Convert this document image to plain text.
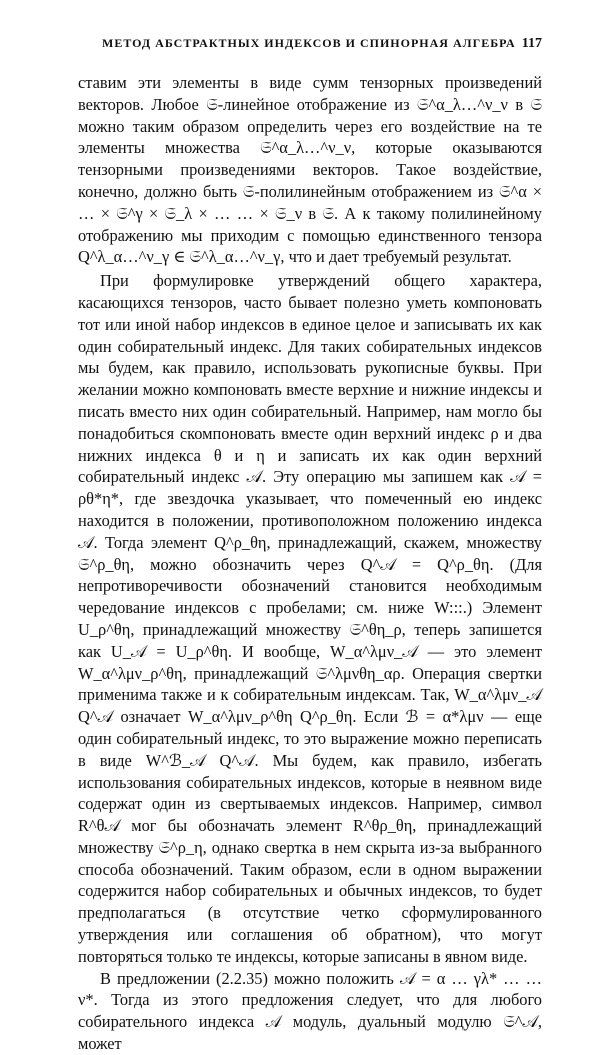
МЕТОД АБСТРАКТНЫХ ИНДЕКСОВ И СПИНОРНАЯ АЛГЕБРА 117

ставим эти элементы в виде сумм тензорных произведений векторов. Любое 𝔖-линейное отображение из 𝔖^α_λ…^ν_ν в 𝔖 можно таким образом определить через его воздействие на те элементы множества 𝔖^α_λ…^ν_ν, которые оказываются тензорными произведениями векторов. Такое воздействие, конечно, должно быть 𝔖-полилинейным отображением из 𝔖^α × … × 𝔖^γ × 𝔖_λ × … … × 𝔖_ν в 𝔖. А к такому полилинейному отображению мы приходим с помощью единственного тензора Q^λ_α…^ν_γ ∈ 𝔖^λ_α…^ν_γ, что и дает требуемый результат.

При формулировке утверждений общего характера, касающихся тензоров, часто бывает полезно уметь компоновать тот или иной набор индексов в единое целое и записывать их как один собирательный индекс. Для таких собирательных индексов мы будем, как правило, использовать рукописные буквы. При желании можно компоновать вместе верхние и нижние индексы и писать вместо них один собирательный. Например, нам могло бы понадобиться скомпоновать вместе один верхний индекс ρ и два нижних индекса θ и η и записать их как один верхний собирательный индекс 𝒜. Эту операцию мы запишем как 𝒜 = ρθ*η*, где звездочка указывает, что помеченный ею индекс находится в положении, противоположном положению индекса 𝒜. Тогда элемент Q^ρ_θη, принадлежащий, скажем, множеству 𝔖^ρ_θη, можно обозначить через Q^𝒜 = Q^ρ_θη. (Для непротиворечивости обозначений становится необходимым чередование индексов с пробелами; см. ниже W:::.) Элемент U_ρ^θη, принадлежащий множеству 𝔖^θη_ρ, теперь запишется как U_𝒜 = U_ρ^θη. И вообще, W_α^λμν_𝒜 — это элемент W_α^λμν_ρ^θη, принадлежащий 𝔖^λμνθη_αρ. Операция свертки применима также и к собирательным индексам. Так, W_α^λμν_𝒜 Q^𝒜 означает W_α^λμν_ρ^θη Q^ρ_θη. Если ℬ = α*λμν — еще один собирательный индекс, то это выражение можно переписать в виде W^ℬ_𝒜 Q^𝒜. Мы будем, как правило, избегать использования собирательных индексов, которые в неявном виде содержат один из свертываемых индексов. Например, символ R^θ𝒜 мог бы обозначать элемент R^θρ_θη, принадлежащий множеству 𝔖^ρ_η, однако свертка в нем скрыта из-за выбранного способа обозначений. Таким образом, если в одном выражении содержится набор собирательных и обычных индексов, то будет предполагаться (в отсутствие четко сформулированного утверждения или соглашения об обратном), что могут повторяться только те индексы, которые записаны в явном виде.

В предложении (2.2.35) можно положить 𝒜 = α … γλ* … … ν*. Тогда из этого предложения следует, что для любого собирательного индекса 𝒜 модуль, дуальный модулю 𝔖^𝒜, может
